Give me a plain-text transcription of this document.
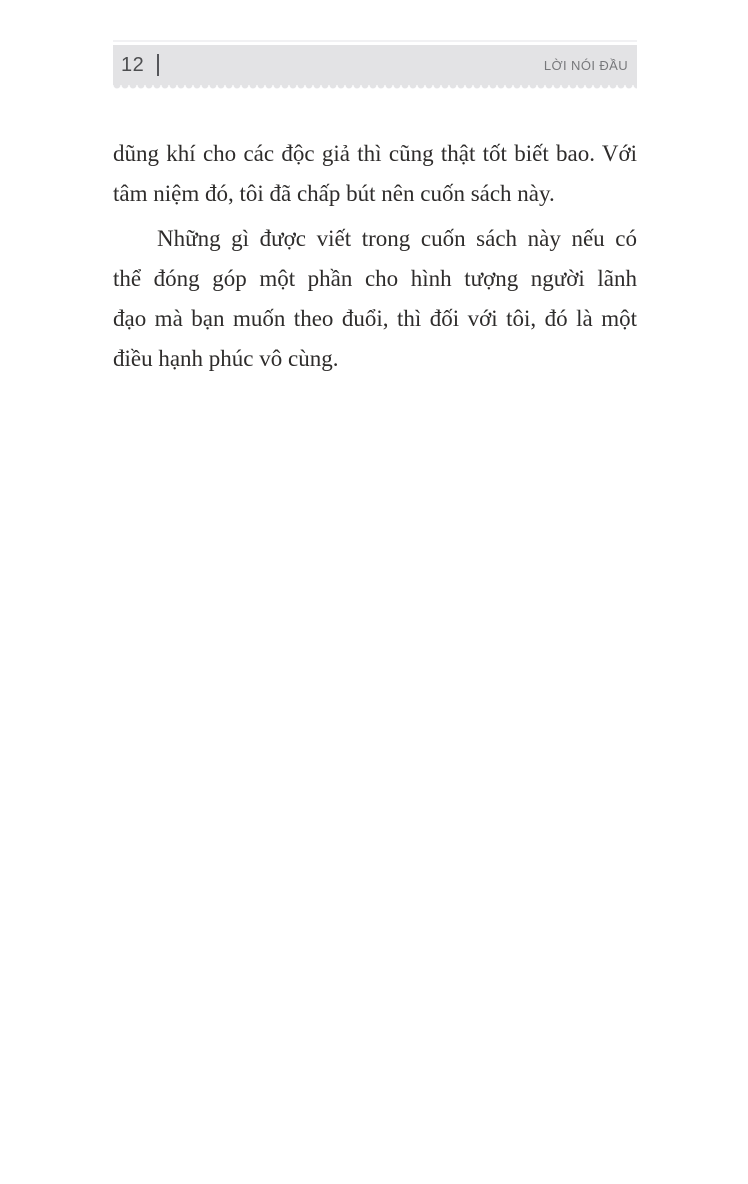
12	LỜI NÓI ĐẦU

dũng khí cho các độc giả thì cũng thật tốt biết bao. Với
tâm niệm đó, tôi đã chấp bút nên cuốn sách này.

Những gì được viết trong cuốn sách này nếu có
thể đóng góp một phần cho hình tượng người lãnh
đạo mà bạn muốn theo đuổi, thì đối với tôi, đó là một
điều hạnh phúc vô cùng.
